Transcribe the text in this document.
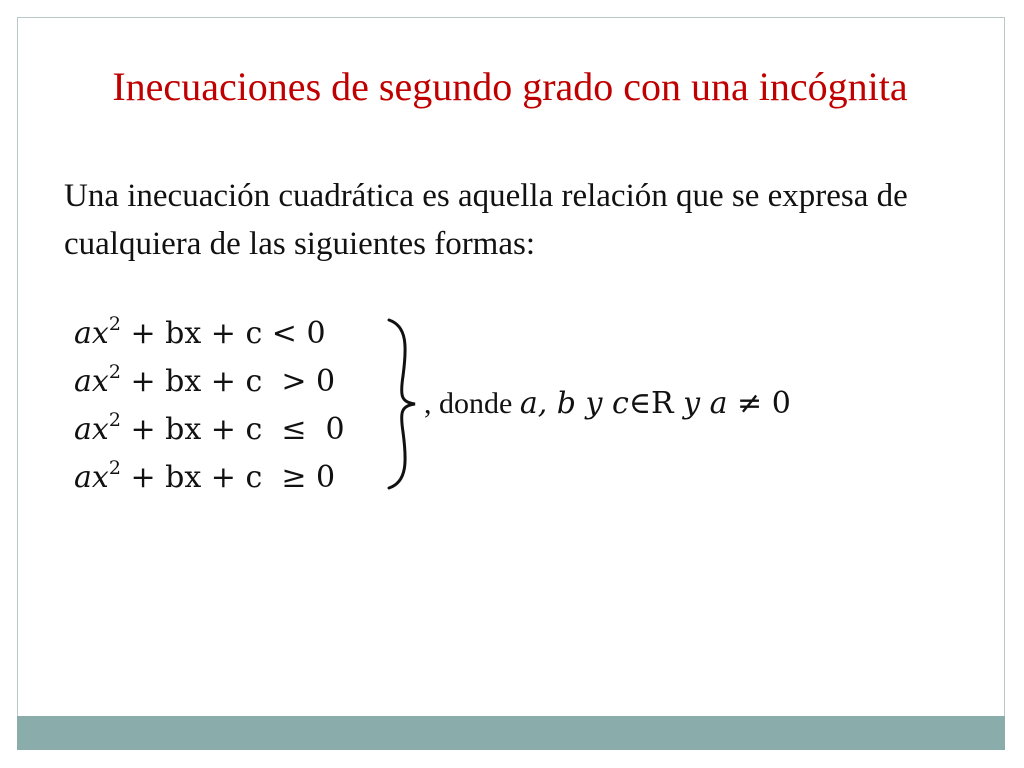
Inecuaciones de segundo grado con una incógnita

Una inecuación cuadrática es aquella relación que se expresa de cualquiera de las siguientes formas:

$ax^2$ + bx + c < 0
$ax^2$ + bx + c  > 0
$ax^2$ + bx + c  ≤  0
$ax^2$ + bx + c  ≥ 0
, donde a, b y c∈R y a ≠ 0
